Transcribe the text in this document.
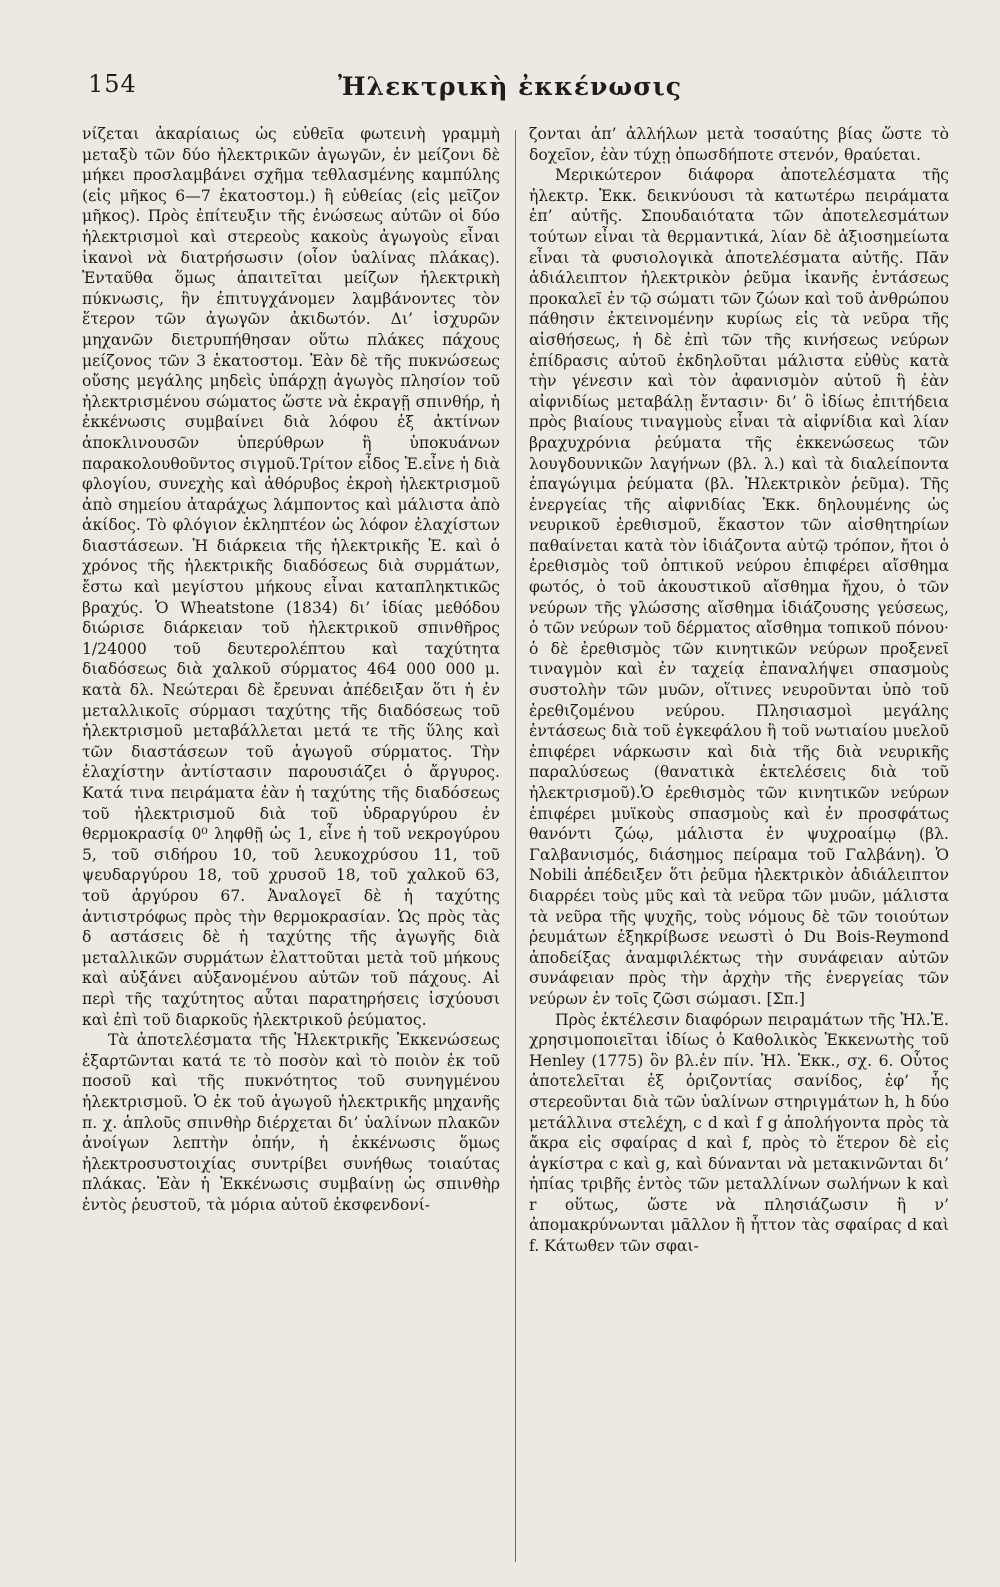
154	Ἠλεκτρικὴ ἐκκένωσις

νίζεται ἀκαρίαιως ὡς εὐθεῖα φωτεινὴ γραμμὴ μεταξὺ τῶν δύο ἠλεκτρικῶν ἀγωγῶν, ἐν μείζονι δὲ μήκει προσλαμβάνει σχῆμα τεθλασμένης καμπύλης (εἰς μῆκος 6—7 ἑκατοστομ.) ἢ εὐθείας (εἰς μεῖζον μῆκος). Πρὸς ἐπίτευξιν τῆς ἐνώσεως αὐτῶν οἱ δύο ἠλεκτρισμοὶ καὶ στερεοὺς κακοὺς ἀγωγοὺς εἶναι ἱκανοὶ νὰ διατρήσωσιν (οἷον ὑαλίνας πλάκας). Ἐνταῦθα ὅμως ἀπαιτεῖται μείζων ἠλεκτρικὴ πύκνωσις, ἣν ἐπιτυγχάνομεν λαμβάνοντες τὸν ἕτερον τῶν ἀγωγῶν ἀκιδωτόν. Δι’ ἰσχυρῶν μηχανῶν διετρυπήθησαν οὕτω πλάκες πάχους μείζονος τῶν 3 ἑκατοστομ. Ἐὰν δὲ τῆς πυκνώσεως οὔσης μεγάλης μηδεὶς ὑπάρχῃ ἀγωγὸς πλησίον τοῦ ἠλεκτρισμένου σώματος ὥστε νὰ ἐκραγῇ σπινθήρ, ἡ ἐκκένωσις συμβαίνει διὰ λόφου ἐξ ἀκτίνων ἀποκλινουσῶν ὑπερύθρων ἢ ὑποκυάνων παρακολουθοῦντος σιγμοῦ.Τρίτον εἶδος Ἐ.εἶνε ἡ διὰ φλογίου, συνεχὴς καὶ ἀθόρυβος ἐκροὴ ἠλεκτρισμοῦ ἀπὸ σημείου ἀταράχως λάμποντος καὶ μάλιστα ἀπὸ ἀκίδος. Τὸ φλόγιον ἐκληπτέον ὡς λόφον ἐλαχίστων διαστάσεων. Ἡ διάρκεια τῆς ἠλεκτρικῆς Ἐ. καὶ ὁ χρόνος τῆς ἠλεκτρικῆς διαδόσεως διὰ συρμάτων, ἔστω καὶ μεγίστου μήκους εἶναι καταπληκτικῶς βραχύς. Ὁ Wheatstone (1834) δι’ ἰδίας μεθόδου διώρισε διάρκειαν τοῦ ἠλεκτρικοῦ σπινθῆρος 1/24000 τοῦ δευτερολέπτου καὶ ταχύτητα διαδόσεως διὰ χαλκοῦ σύρματος 464 000 000 μ. κατὰ δλ. Νεώτεραι δὲ ἔρευναι ἀπέδειξαν ὅτι ἡ ἐν μεταλλικοῖς σύρμασι ταχύτης τῆς διαδόσεως τοῦ ἠλεκτρισμοῦ μεταβάλλεται μετά τε τῆς ὕλης καὶ τῶν διαστάσεων τοῦ ἀγωγοῦ σύρματος. Τὴν ἐλαχίστην ἀντίστασιν παρουσιάζει ὁ ἄργυρος. Κατά τινα πειράματα ἐὰν ἡ ταχύτης τῆς διαδόσεως τοῦ ἠλεκτρισμοῦ διὰ τοῦ ὑδραργύρου ἐν θερμοκρασίᾳ 0⁰ ληφθῇ ὡς 1, εἶνε ἡ τοῦ νεκρογύρου 5, τοῦ σιδήρου 10, τοῦ λευκοχρύσου 11, τοῦ ψευδαργύρου 18, τοῦ χρυσοῦ 18, τοῦ χαλκοῦ 63, τοῦ ἀργύρου 67. Ἀναλογεῖ δὲ ἡ ταχύτης ἀντιστρόφως πρὸς τὴν θερμοκρασίαν. Ὡς πρὸς τὰς δ αστάσεις δὲ ἡ ταχύτης τῆς ἀγωγῆς διὰ μεταλλικῶν συρμάτων ἐλαττοῦται μετὰ τοῦ μήκους καὶ αὐξάνει αὐξανομένου αὐτῶν τοῦ πάχους. Αἱ περὶ τῆς ταχύτητος αὗται παρατηρήσεις ἰσχύουσι καὶ ἐπὶ τοῦ διαρκοῦς ἠλεκτρικοῦ ῥεύματος.

Τὰ ἀποτελέσματα τῆς Ἠλεκτρικῆς Ἐκκενώσεως ἐξαρτῶνται κατά τε τὸ ποσὸν καὶ τὸ ποιὸν ἐκ τοῦ ποσοῦ καὶ τῆς πυκνότητος τοῦ συνηγμένου ἠλεκτρισμοῦ. Ὁ ἐκ τοῦ ἀγωγοῦ ἠλεκτρικῆς μηχανῆς π. χ. ἁπλοῦς σπινθὴρ διέρχεται δι’ ὑαλίνων πλακῶν ἀνοίγων λεπτὴν ὀπήν, ἡ ἐκκένωσις ὅμως ἠλεκτροσυστοιχίας συντρίβει συνήθως τοιαύτας πλάκας. Ἐὰν ἡ Ἐκκένωσις συμβαίνῃ ὡς σπινθὴρ ἐντὸς ῥευστοῦ, τὰ μόρια αὐτοῦ ἐκσφενδονί-

ζονται ἀπ’ ἀλλήλων μετὰ τοσαύτης βίας ὥστε τὸ δοχεῖον, ἐὰν τύχῃ ὁπωσδήποτε στενόν, θραύεται.

Μερικώτερον διάφορα ἀποτελέσματα τῆς ἠλεκτρ. Ἐκκ. δεικνύουσι τὰ κατωτέρω πειράματα ἐπ’ αὐτῆς. Σπουδαιότατα τῶν ἀποτελεσμάτων τούτων εἶναι τὰ θερμαντικά, λίαν δὲ ἀξιοσημείωτα εἶναι τὰ φυσιολογικὰ ἀποτελέσματα αὐτῆς. Πᾶν ἀδιάλειπτον ἠλεκτρικὸν ῥεῦμα ἱκανῆς ἐντάσεως προκαλεῖ ἐν τῷ σώματι τῶν ζώων καὶ τοῦ ἀνθρώπου πάθησιν ἐκτεινομένην κυρίως εἰς τὰ νεῦρα τῆς αἰσθήσεως, ἡ δὲ ἐπὶ τῶν τῆς κινήσεως νεύρων ἐπίδρασις αὐτοῦ ἐκδηλοῦται μάλιστα εὐθὺς κατὰ τὴν γένεσιν καὶ τὸν ἀφανισμὸν αὐτοῦ ἢ ἐὰν αἰφνιδίως μεταβάλῃ ἔντασιν· δι’ ὃ ἰδίως ἐπιτήδεια πρὸς βιαίους τιναγμοὺς εἶναι τὰ αἰφνίδια καὶ λίαν βραχυχρόνια ῥεύματα τῆς ἐκκενώσεως τῶν λουγδουνικῶν λαγήνων (βλ. λ.) καὶ τὰ διαλείποντα ἐπαγώγιμα ῥεύματα (βλ. Ἠλεκτρικὸν ῥεῦμα). Τῆς ἐνεργείας τῆς αἰφνιδίας Ἐκκ. δηλουμένης ὡς νευρικοῦ ἐρεθισμοῦ, ἕκαστον τῶν αἰσθητηρίων παθαίνεται κατὰ τὸν ἰδιάζοντα αὐτῷ τρόπον, ἤτοι ὁ ἐρεθισμὸς τοῦ ὀπτικοῦ νεύρου ἐπιφέρει αἴσθημα φωτός, ὁ τοῦ ἀκουστικοῦ αἴσθημα ἤχου, ὁ τῶν νεύρων τῆς γλώσσης αἴσθημα ἰδιάζουσης γεύσεως, ὁ τῶν νεύρων τοῦ δέρματος αἴσθημα τοπικοῦ πόνου· ὁ δὲ ἐρεθισμὸς τῶν κινητικῶν νεύρων προξενεῖ τιναγμὸν καὶ ἐν ταχείᾳ ἐπαναλήψει σπασμοὺς συστολὴν τῶν μυῶν, οἵτινες νευροῦνται ὑπὸ τοῦ ἐρεθιζομένου νεύρου. Πλησιασμοὶ μεγάλης ἐντάσεως διὰ τοῦ ἐγκεφάλου ἢ τοῦ νωτιαίου μυελοῦ ἐπιφέρει νάρκωσιν καὶ διὰ τῆς διὰ νευρικῆς παραλύσεως (θανατικὰ ἐκτελέσεις διὰ τοῦ ἠλεκτρισμοῦ).Ὁ ἐρεθισμὸς τῶν κινητικῶν νεύρων ἐπιφέρει μυϊκοὺς σπασμοὺς καὶ ἐν προσφάτως θανόντι ζώῳ, μάλιστα ἐν ψυχροαίμῳ (βλ. Γαλβανισμός, διάσημος πείραμα τοῦ Γαλβάνη). Ὁ Nobili ἀπέδειξεν ὅτι ῥεῦμα ἠλεκτρικὸν ἀδιάλειπτον διαρρέει τοὺς μῦς καὶ τὰ νεῦρα τῶν μυῶν, μάλιστα τὰ νεῦρα τῆς ψυχῆς, τοὺς νόμους δὲ τῶν τοιούτων ῥευμάτων ἐξηκρίβωσε νεωστὶ ὁ Du Bois-Reymond ἀποδείξας ἀναμφιλέκτως τὴν συνάφειαν αὐτῶν συνάφειαν πρὸς τὴν ἀρχὴν τῆς ἐνεργείας τῶν νεύρων ἐν τοῖς ζῶσι σώμασι. [Σπ.]

Πρὸς ἐκτέλεσιν διαφόρων πειραμάτων τῆς Ἠλ.Ἐ. χρησιμοποιεῖται ἰδίως ὁ Καθολικὸς Ἐκκενωτὴς τοῦ Henley (1775) ὃν βλ.ἐν πίν. Ἠλ. Ἐκκ., σχ. 6. Οὗτος ἀποτελεῖται ἐξ ὁριζοντίας σανίδος, ἐφ’ ἧς στερεοῦνται διὰ τῶν ὑαλίνων στηριγμάτων h, h δύο μετάλλινα στελέχη, c d καὶ f g ἀπολήγοντα πρὸς τὰ ἄκρα εἰς σφαίρας d καὶ f, πρὸς τὸ ἕτερον δὲ εἰς ἀγκίστρα c καὶ g, καὶ δύνανται νὰ μετακινῶνται δι’ ἠπίας τριβῆς ἐντὸς τῶν μεταλλίνων σωλήνων k καὶ r οὕτως, ὥστε νὰ πλησιάζωσιν ἢ ν’ ἀπομακρύνωνται μᾶλλον ἢ ἧττον τὰς σφαίρας d καὶ f. Κάτωθεν τῶν σφαι-
